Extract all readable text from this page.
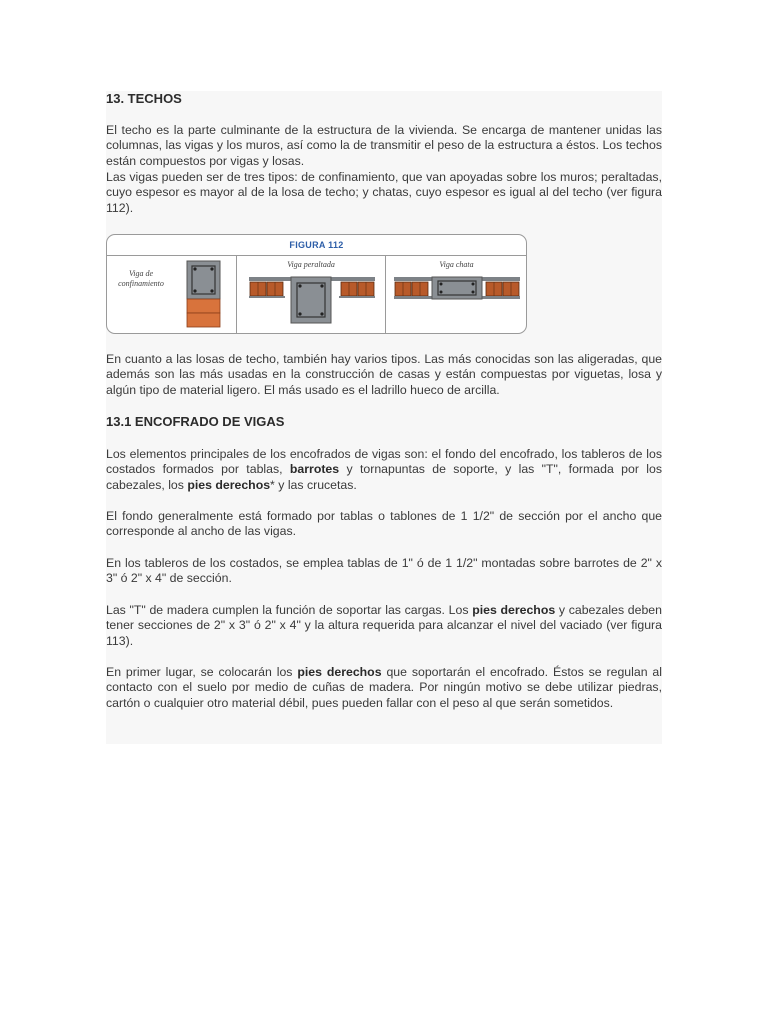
13. TECHOS

El techo es la parte culminante de la estructura de la vivienda. Se encarga de mantener unidas las columnas, las vigas y los muros, así como la de transmitir el peso de la estructura a éstos. Los techos están compuestos por vigas y losas.

Las vigas pueden ser de tres tipos: de confinamiento, que van apoyadas sobre los muros; peraltadas, cuyo espesor es mayor al de la losa de techo; y chatas, cuyo espesor es igual al del techo (ver figura 112).

FIGURA 112
Viga de
confinamiento
Viga peraltada	Viga chata

En cuanto a las losas de techo, también hay varios tipos. Las más conocidas son las aligeradas, que además son las más usadas en la construcción de casas y están compuestas por viguetas, losa y algún tipo de material ligero. El más usado es el ladrillo hueco de arcilla.

13.1 ENCOFRADO DE VIGAS

Los elementos principales de los encofrados de vigas son: el fondo del encofrado, los tableros de los costados formados por tablas, barrotes y tornapuntas de soporte, y las "T", formada por los cabezales, los pies derechos* y las crucetas.

El fondo generalmente está formado por tablas o tablones de 1 1/2" de sección por el ancho que corresponde al ancho de las vigas.

En los tableros de los costados, se emplea tablas de 1" ó de 1 1/2" montadas sobre barrotes de 2" x 3" ó 2" x 4" de sección.

Las "T" de madera cumplen la función de soportar las cargas. Los pies derechos y cabezales deben tener secciones de 2" x 3" ó 2" x 4" y la altura requerida para alcanzar el nivel del vaciado (ver figura 113).

En primer lugar, se colocarán los pies derechos que soportarán el encofrado. Éstos se regulan al contacto con el suelo por medio de cuñas de madera. Por ningún motivo se debe utilizar piedras, cartón o cualquier otro material débil, pues pueden fallar con el peso al que serán sometidos.
